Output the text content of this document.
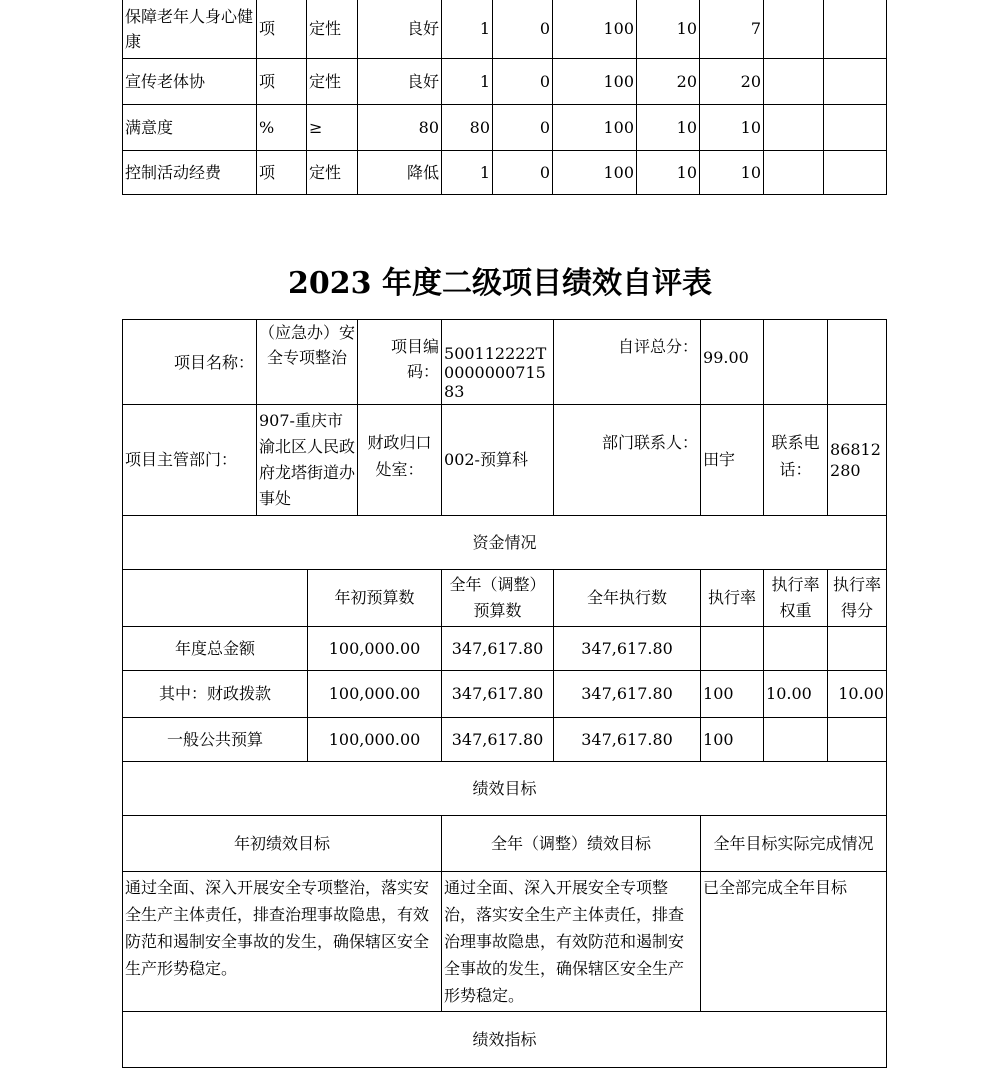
保障老年人身心健康	项	定性	良好	1	0	100	10	7		
宣传老体协	项	定性	良好	1	0	100	20	20		
满意度	%	≥	80	80	0	100	10	10		
控制活动经费	项	定性	降低	1	0	100	10	10		
2023 年度二级项目绩效自评表
项目名称：	（应急办）安全专项整治		项目编码：	500112222T000000071583	自评总分：	99.00		
项目主管部门：	907-重庆市渝北区人民政府龙塔街道办事处		财政归口处室：	002-预算科	部门联系人：	田宇	联系电话：	86812280
资金情况								
		年初预算数		全年（调整）预算数	全年执行数	执行率	执行率权重	执行率得分
年度总金额		100,000.00		347,617.80	347,617.80			
其中：财政拨款		100,000.00		347,617.80	347,617.80	100	10.00	10.00
一般公共预算		100,000.00		347,617.80	347,617.80	100		
绩效目标								
年初绩效目标				全年（调整）绩效目标		全年目标实际完成情况		
通过全面、深入开展安全专项整治，落实安全生产主体责任，排查治理事故隐患，有效防范和遏制安全事故的发生，确保辖区安全生产形势稳定。				通过全面、深入开展安全专项整治，落实安全生产主体责任，排查治理事故隐患，有效防范和遏制安全事故的发生，确保辖区安全生产形势稳定。		已全部完成全年目标		
绩效指标								
